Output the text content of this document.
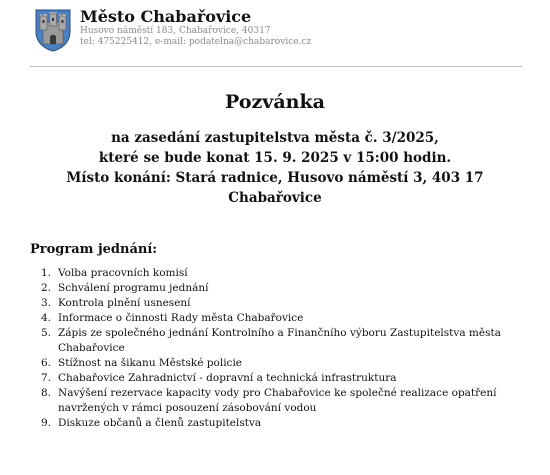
Město Chabařovice
Husovo náměstí 183, Chabařovice, 40317
tel: 475225412, e-mail: podatelna@chabarovice.cz
Pozvánka
na zasedání zastupitelstva města č. 3/2025,
které se bude konat 15. 9. 2025 v 15:00 hodin.
Místo konání: Stará radnice, Husovo náměstí 3, 403 17
Chabařovice
Program jednání:
1. Volba pracovních komisí
2. Schválení programu jednání
3. Kontrola plnění usnesení
4. Informace o činnosti Rady města Chabařovice
5. Zápis ze společného jednání Kontrolního a Finančního výboru Zastupitelstva města
Chabařovice
6. Stížnost na šikanu Městské policie
7. Chabařovice Zahradnictví - dopravní a technická infrastruktura
8. Navýšení rezervace kapacity vody pro Chabařovice ke společné realizace opatření
navržených v rámci posouzení zásobování vodou
9. Diskuze občanů a členů zastupitelstva
